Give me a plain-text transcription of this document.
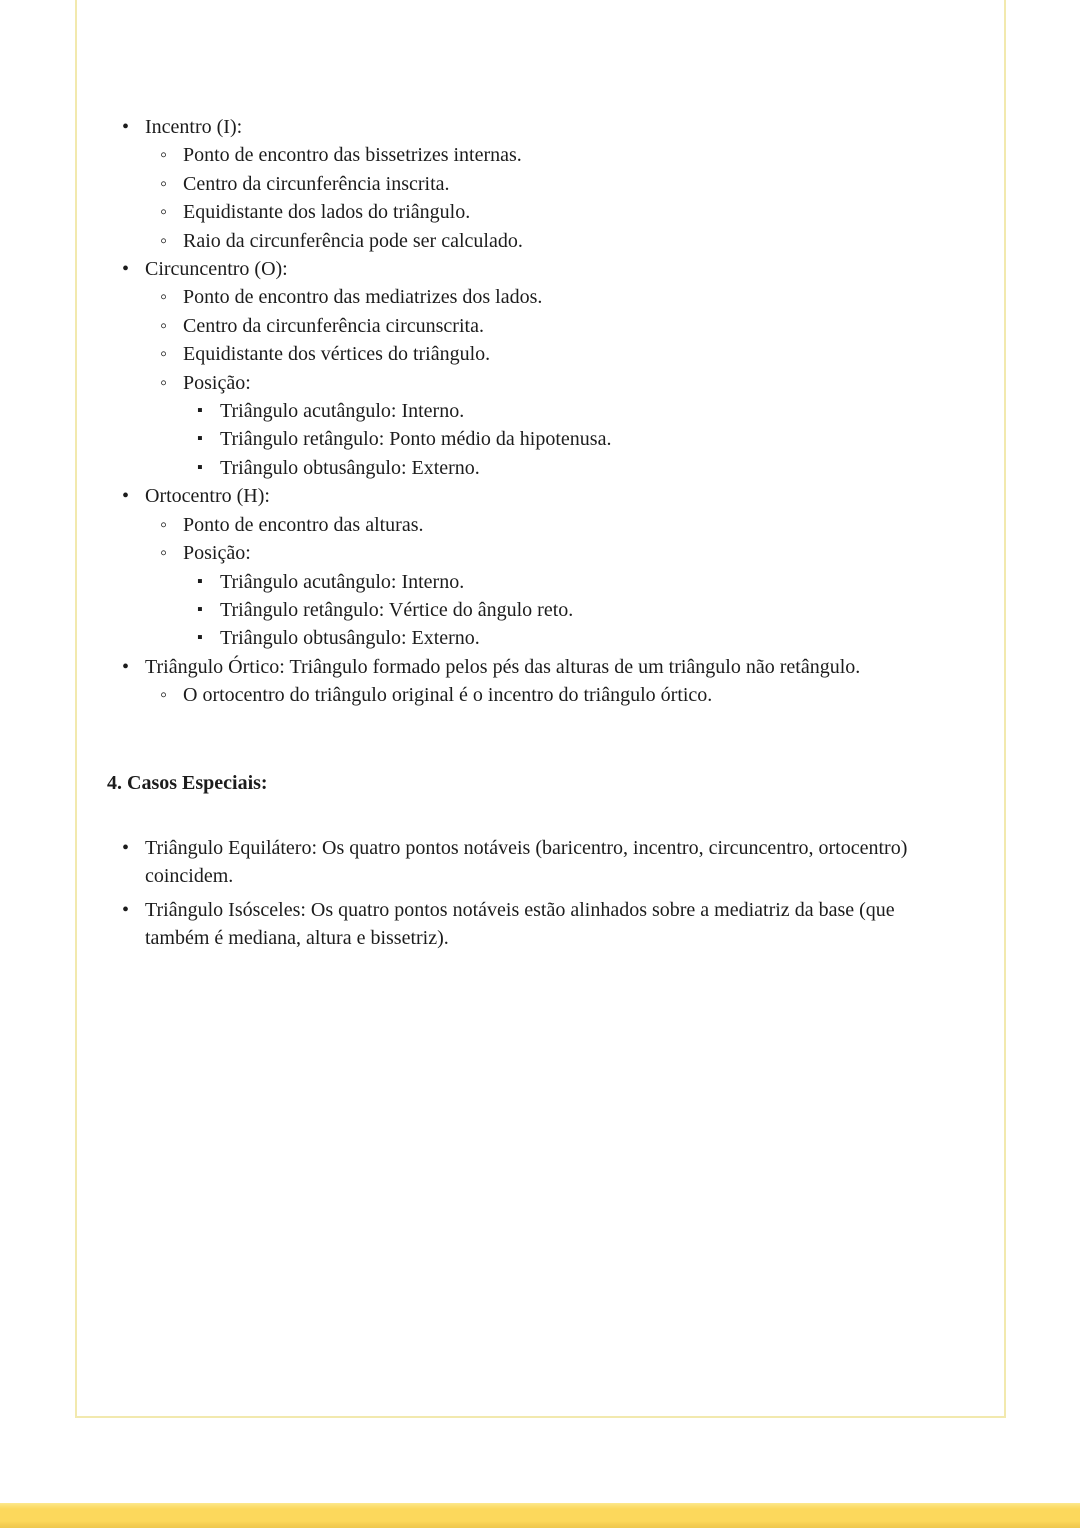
• Incentro (I):
◦ Ponto de encontro das bissetrizes internas.
◦ Centro da circunferência inscrita.
◦ Equidistante dos lados do triângulo.
◦ Raio da circunferência pode ser calculado.
• Circuncentro (O):
◦ Ponto de encontro das mediatrizes dos lados.
◦ Centro da circunferência circunscrita.
◦ Equidistante dos vértices do triângulo.
◦ Posição:
▪ Triângulo acutângulo: Interno.
▪ Triângulo retângulo: Ponto médio da hipotenusa.
▪ Triângulo obtusângulo: Externo.
• Ortocentro (H):
◦ Ponto de encontro das alturas.
◦ Posição:
▪ Triângulo acutângulo: Interno.
▪ Triângulo retângulo: Vértice do ângulo reto.
▪ Triângulo obtusângulo: Externo.
• Triângulo Órtico: Triângulo formado pelos pés das alturas de um triângulo não retângulo.
◦ O ortocentro do triângulo original é o incentro do triângulo órtico.
4. Casos Especiais:
• Triângulo Equilátero: Os quatro pontos notáveis (baricentro, incentro, circuncentro, ortocentro) coincidem.
• Triângulo Isósceles: Os quatro pontos notáveis estão alinhados sobre a mediatriz da base (que também é mediana, altura e bissetriz).
